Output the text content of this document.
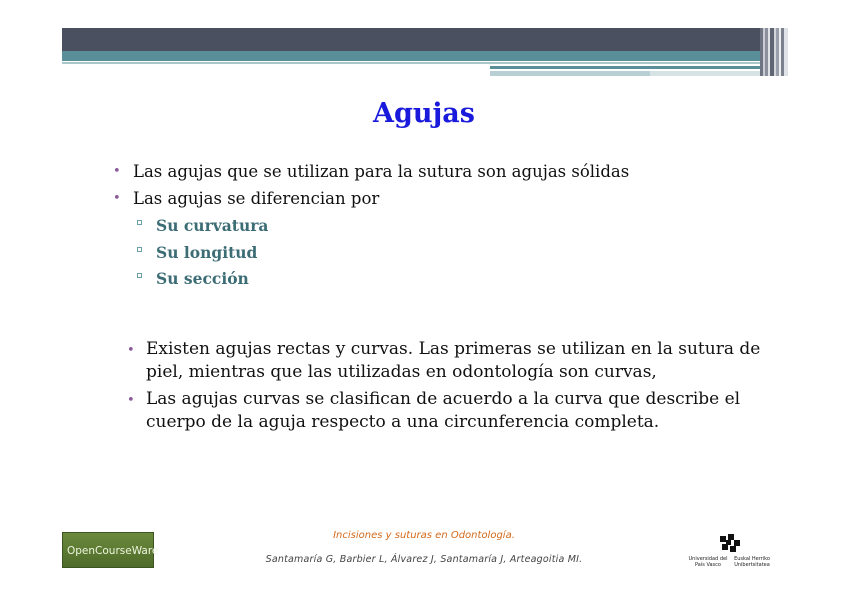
Agujas
• Las agujas que se utilizan para la sutura son agujas sólidas
• Las agujas se diferencian por
Su curvatura
Su longitud
Su sección
• Existen agujas rectas y curvas. Las primeras se utilizan en la sutura de piel, mientras que las utilizadas en odontología son curvas,
• Las agujas curvas se clasifican de acuerdo a la curva que describe el cuerpo de la aguja respecto a una circunferencia completa.
Incisiones y suturas en Odontología.
Santamaría G, Barbier L, Álvarez J, Santamaría J, Arteagoitia MI.
OpenCourseWare
Universidad del País Vasco
Euskal Herriko Unibertsitatea
